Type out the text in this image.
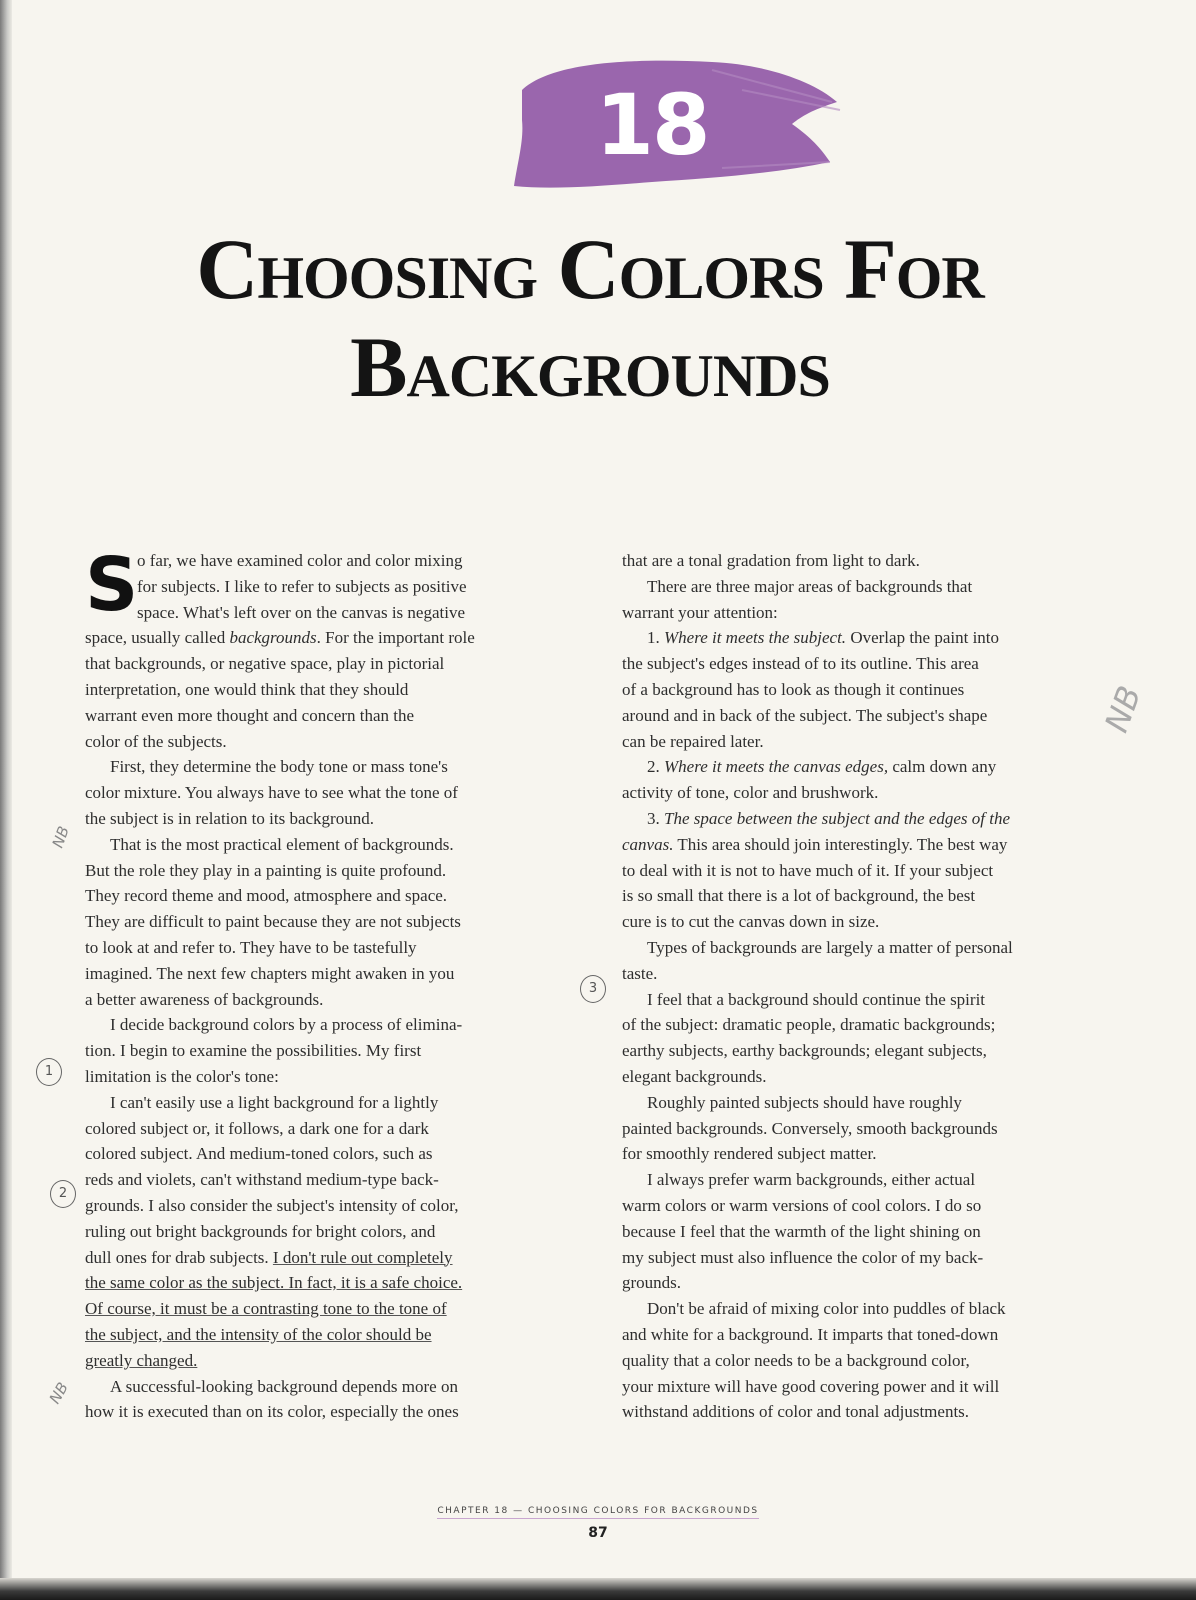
18
Choosing Colors For
Backgrounds
S
o far, we have examined color and color mixing
for subjects. I like to refer to subjects as positive
space. What's left over on the canvas is negative
space, usually called backgrounds. For the important role
that backgrounds, or negative space, play in pictorial
interpretation, one would think that they should
warrant even more thought and concern than the
color of the subjects.
First, they determine the body tone or mass tone's
color mixture. You always have to see what the tone of
the subject is in relation to its background.
That is the most practical element of backgrounds.
But the role they play in a painting is quite profound.
They record theme and mood, atmosphere and space.
They are difficult to paint because they are not subjects
to look at and refer to. They have to be tastefully
imagined. The next few chapters might awaken in you
a better awareness of backgrounds.
I decide background colors by a process of elimina-
tion. I begin to examine the possibilities. My first
limitation is the color's tone:
I can't easily use a light background for a lightly
colored subject or, it follows, a dark one for a dark
colored subject. And medium-toned colors, such as
reds and violets, can't withstand medium-type back-
grounds. I also consider the subject's intensity of color,
ruling out bright backgrounds for bright colors, and
dull ones for drab subjects. I don't rule out completely
the same color as the subject. In fact, it is a safe choice.
Of course, it must be a contrasting tone to the tone of
the subject, and the intensity of the color should be
greatly changed.
A successful-looking background depends more on
how it is executed than on its color, especially the ones
that are a tonal gradation from light to dark.
There are three major areas of backgrounds that
warrant your attention:
1. Where it meets the subject. Overlap the paint into
the subject's edges instead of to its outline. This area
of a background has to look as though it continues
around and in back of the subject. The subject's shape
can be repaired later.
2. Where it meets the canvas edges, calm down any
activity of tone, color and brushwork.
3. The space between the subject and the edges of the
canvas. This area should join interestingly. The best way
to deal with it is not to have much of it. If your subject
is so small that there is a lot of background, the best
cure is to cut the canvas down in size.
Types of backgrounds are largely a matter of personal
taste.
I feel that a background should continue the spirit
of the subject: dramatic people, dramatic backgrounds;
earthy subjects, earthy backgrounds; elegant subjects,
elegant backgrounds.
Roughly painted subjects should have roughly
painted backgrounds. Conversely, smooth backgrounds
for smoothly rendered subject matter.
I always prefer warm backgrounds, either actual
warm colors or warm versions of cool colors. I do so
because I feel that the warmth of the light shining on
my subject must also influence the color of my back-
grounds.
Don't be afraid of mixing color into puddles of black
and white for a background. It imparts that toned-down
quality that a color needs to be a background color,
your mixture will have good covering power and it will
withstand additions of color and tonal adjustments.
NB
3
1
2
NB
NB
CHAPTER 18 — CHOOSING COLORS FOR BACKGROUNDS
87
